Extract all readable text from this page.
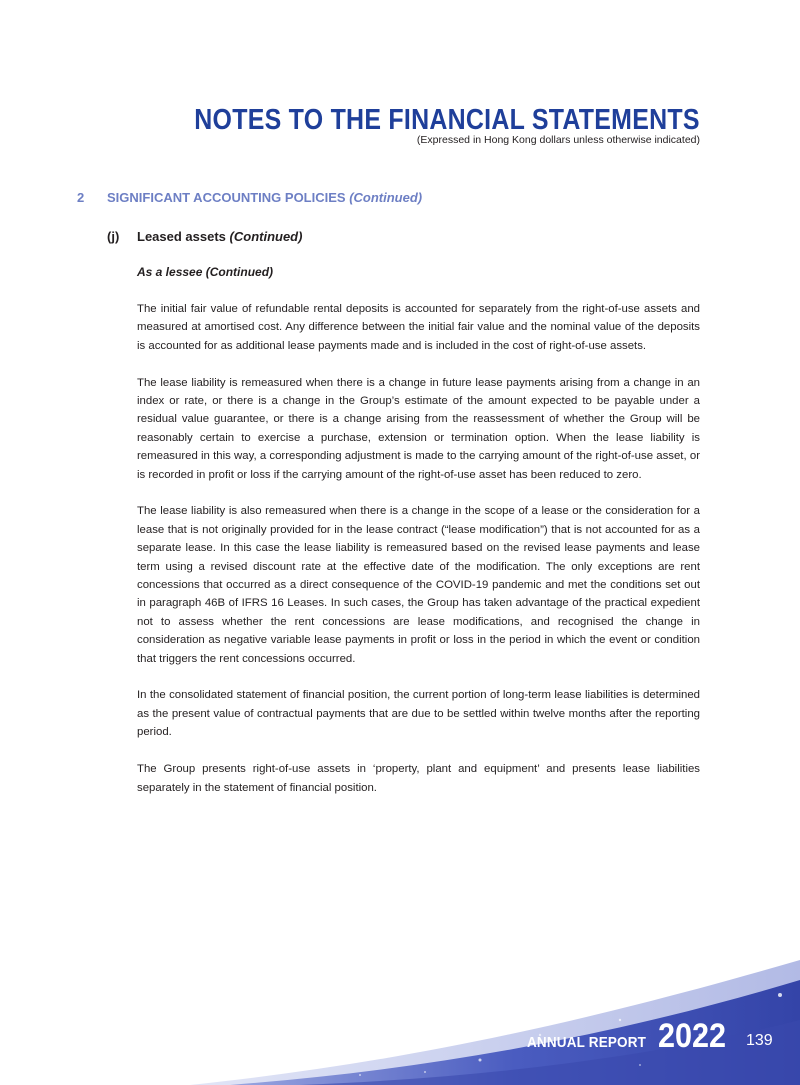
NOTES TO THE FINANCIAL STATEMENTS
(Expressed in Hong Kong dollars unless otherwise indicated)
2 SIGNIFICANT ACCOUNTING POLICIES (Continued)
(j) Leased assets (Continued)
As a lessee (Continued)

The initial fair value of refundable rental deposits is accounted for separately from the right-of-use assets and measured at amortised cost. Any difference between the initial fair value and the nominal value of the deposits is accounted for as additional lease payments made and is included in the cost of right-of-use assets.

The lease liability is remeasured when there is a change in future lease payments arising from a change in an index or rate, or there is a change in the Group’s estimate of the amount expected to be payable under a residual value guarantee, or there is a change arising from the reassessment of whether the Group will be reasonably certain to exercise a purchase, extension or termination option. When the lease liability is remeasured in this way, a corresponding adjustment is made to the carrying amount of the right-of-use asset, or is recorded in profit or loss if the carrying amount of the right-of-use asset has been reduced to zero.

The lease liability is also remeasured when there is a change in the scope of a lease or the consideration for a lease that is not originally provided for in the lease contract (“lease modification”) that is not accounted for as a separate lease. In this case the lease liability is remeasured based on the revised lease payments and lease term using a revised discount rate at the effective date of the modification. The only exceptions are rent concessions that occurred as a direct consequence of the COVID-19 pandemic and met the conditions set out in paragraph 46B of IFRS 16 Leases. In such cases, the Group has taken advantage of the practical expedient not to assess whether the rent concessions are lease modifications, and recognised the change in consideration as negative variable lease payments in profit or loss in the period in which the event or condition that triggers the rent concessions occurred.

In the consolidated statement of financial position, the current portion of long-term lease liabilities is determined as the present value of contractual payments that are due to be settled within twelve months after the reporting period.

The Group presents right-of-use assets in ‘property, plant and equipment’ and presents lease liabilities separately in the statement of financial position.

ANNUAL REPORT 2022 139
